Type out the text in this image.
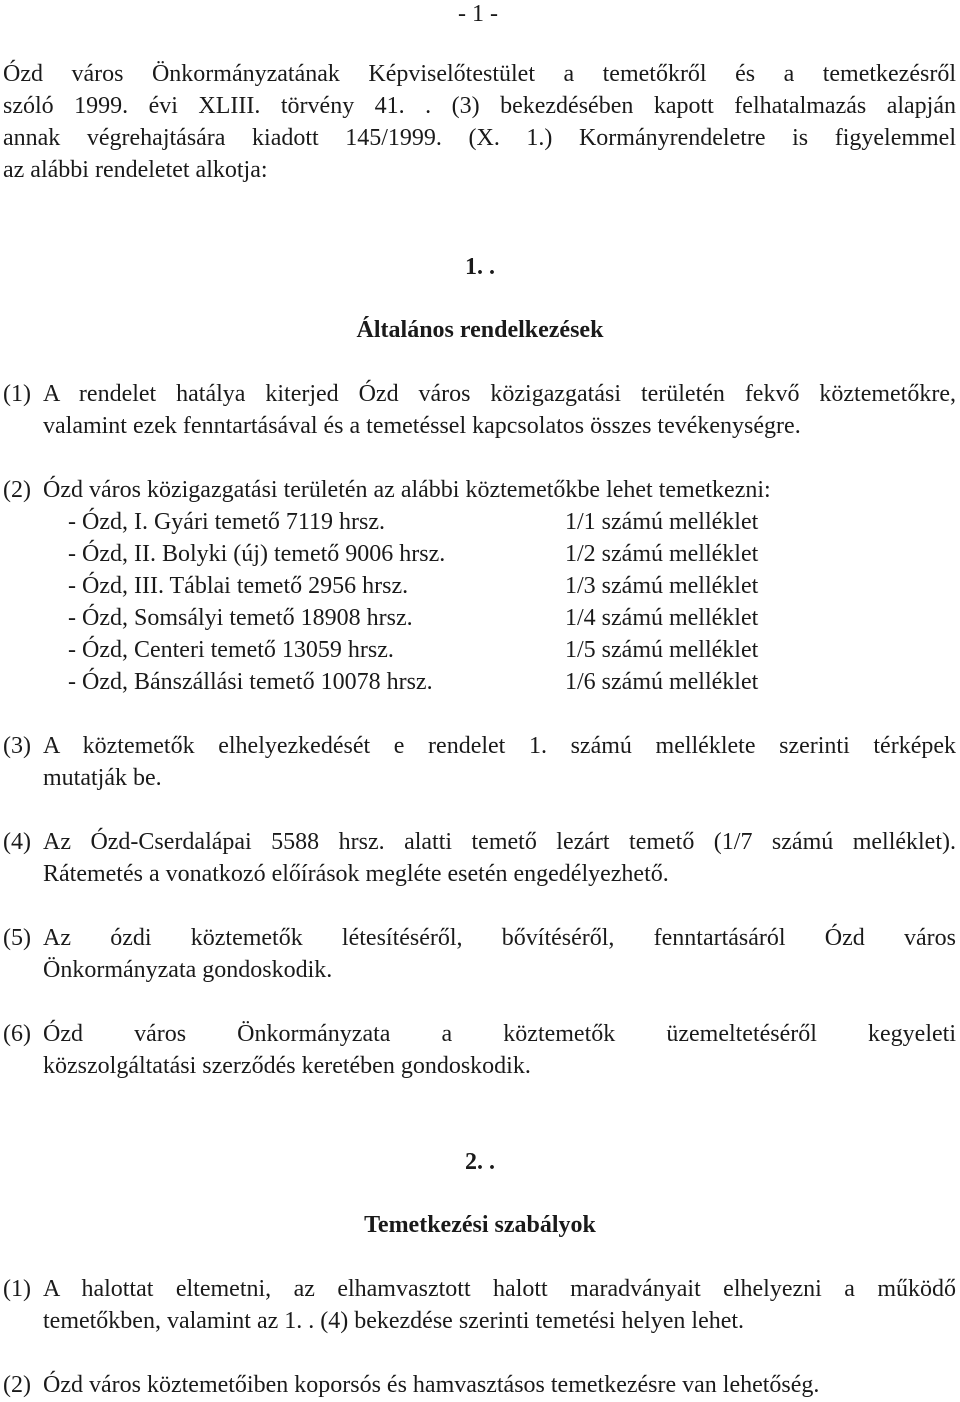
- 1 -
Ózd város Önkormányzatának Képviselőtestület a temetőkről és a temetkezésről
szóló 1999. évi XLIII. törvény 41. . (3) bekezdésében kapott felhatalmazás alapján
annak végrehajtására kiadott 145/1999. (X. 1.) Kormányrendeletre is figyelemmel
az alábbi rendeletet alkotja:
1. .
Általános rendelkezések
(1) A rendelet hatálya kiterjed Ózd város közigazgatási területén fekvő köztemetőkre,
valamint ezek fenntartásával és a temetéssel kapcsolatos összes tevékenységre.
(2) Ózd város közigazgatási területén az alábbi köztemetőkbe lehet temetkezni:
- Ózd, I. Gyári temető 7119 hrsz.	1/1 számú melléklet
- Ózd, II. Bolyki (új) temető 9006 hrsz.	1/2 számú melléklet
- Ózd, III. Táblai temető 2956 hrsz.	1/3 számú melléklet
- Ózd, Somsályi temető 18908 hrsz.	1/4 számú melléklet
- Ózd, Centeri temető 13059 hrsz.	1/5 számú melléklet
- Ózd, Bánszállási temető 10078 hrsz.	1/6 számú melléklet
(3) A köztemetők elhelyezkedését e rendelet 1. számú melléklete szerinti térképek
mutatják be.
(4) Az Ózd-Cserdalápai 5588 hrsz. alatti temető lezárt temető (1/7 számú melléklet).
Rátemetés a vonatkozó előírások megléte esetén engedélyezhető.
(5) Az ózdi köztemetők létesítéséről, bővítéséről, fenntartásáról Ózd város
Önkormányzata gondoskodik.
(6) Ózd város Önkormányzata a köztemetők üzemeltetéséről kegyeleti
közszolgáltatási szerződés keretében gondoskodik.
2. .
Temetkezési szabályok
(1) A halottat eltemetni, az elhamvasztott halott maradványait elhelyezni a működő
temetőkben, valamint az 1. . (4) bekezdése szerinti temetési helyen lehet.
(2) Ózd város köztemetőiben koporsós és hamvasztásos temetkezésre van lehetőség.
